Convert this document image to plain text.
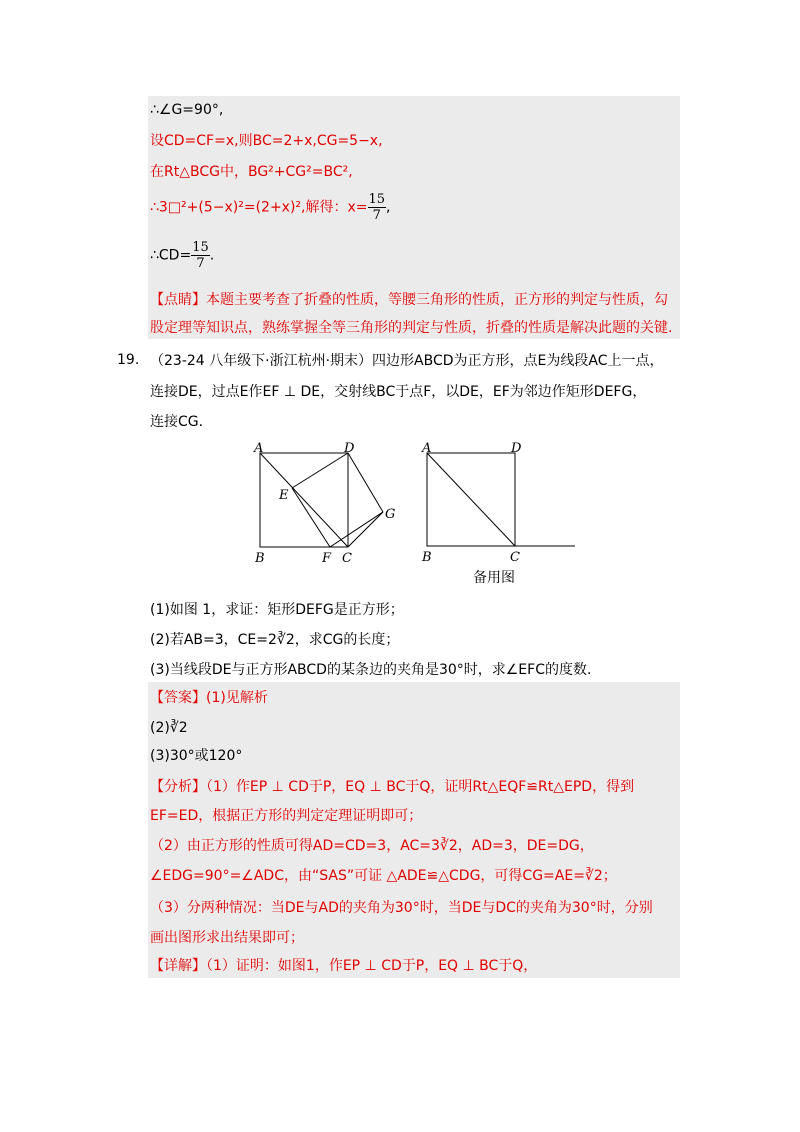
∴∠G=90°,
设CD=CF=x,则BC=2+x,CG=5−x,
在Rt△BCG中，BG²+CG²=BC²,
∴3□²+(5−x)²=(2+x)²,解得：$x= \frac{15}{7}$ ,
∴CD= $\frac{15}{7}$ .
【点睛】本题主要考查了折叠的性质，等腰三角形的性质，正方形的判定与性质，勾
股定理等知识点，熟练掌握全等三角形的判定与性质，折叠的性质是解决此题的关键.
19. （23-24 八年级下·浙江杭州·期末）四边形ABCD为正方形，点E为线段AC上一点，
连接DE，过点E作EF ⊥ DE，交射线BC于点F，以DE，EF为邻边作矩形DEFG，
连接CG.
A	D
E
G
B	F C
A	D
B	C
备用图
(1)如图 1，求证：矩形DEFG是正方形；
(2)若AB=3，CE=2∛2，求CG的长度；
(3)当线段DE与正方形ABCD的某条边的夹角是30°时，求∠EFC的度数.
【答案】(1)见解析
(2)∛2
(3)30°或120°
【分析】（1）作EP ⊥ CD于P，EQ ⊥ BC于Q，证明Rt△EQF≌Rt△EPD，得到
EF=ED，根据正方形的判定定理证明即可；
（2）由正方形的性质可得AD=CD=3，AC=3∛2，AD=3，DE=DG，
∠EDG=90°=∠ADC，由“SAS”可证 △ADE≌△CDG，可得CG=AE=∛2；
（3）分两种情况：当DE与AD的夹角为30°时，当DE与DC的夹角为30°时，分别
画出图形求出结果即可；
【详解】（1）证明：如图1，作EP ⊥ CD于P，EQ ⊥ BC于Q，
